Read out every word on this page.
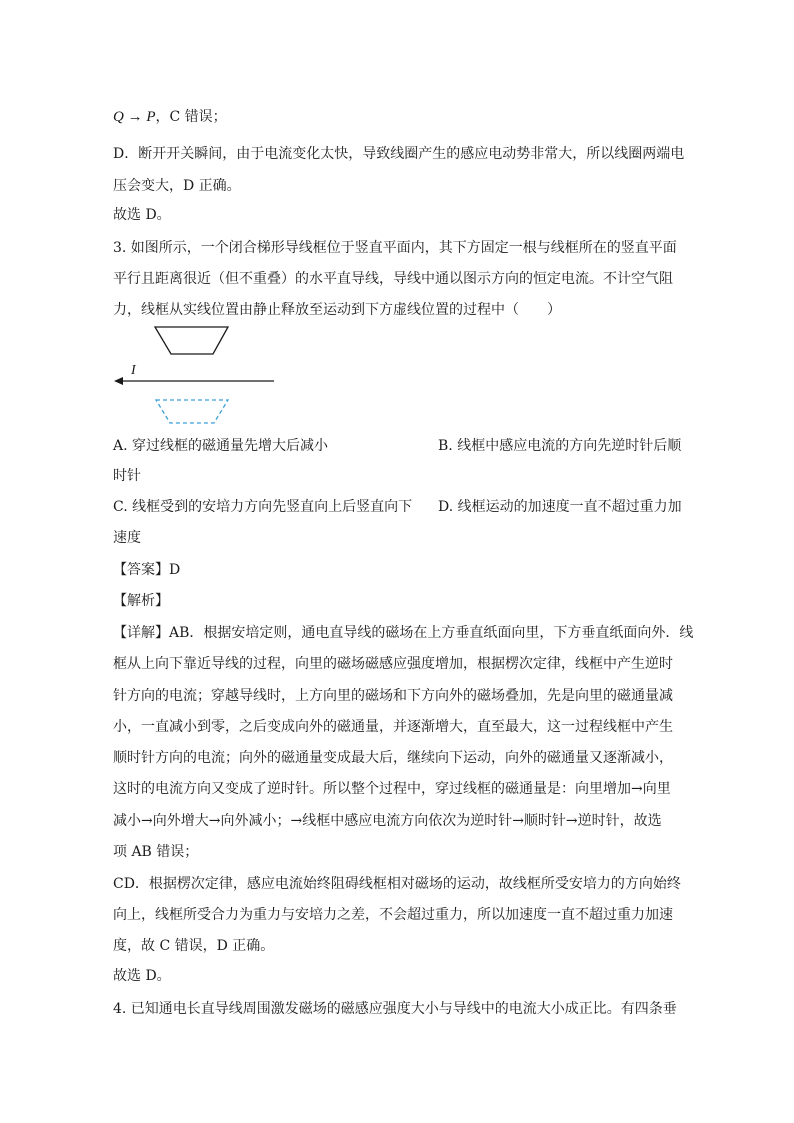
Q → P，C 错误；
D．断开开关瞬间，由于电流变化太快，导致线圈产生的感应电动势非常大，所以线圈两端电
压会变大，D 正确。
故选 D。
3. 如图所示，一个闭合梯形导线框位于竖直平面内，其下方固定一根与线框所在的竖直平面
平行且距离很近（但不重叠）的水平直导线，导线中通以图示方向的恒定电流。不计空气阻
力，线框从实线位置由静止释放至运动到下方虚线位置的过程中（　　）
I
A. 穿过线框的磁通量先增大后减小	B. 线框中感应电流的方向先逆时针后顺
时针
C. 线框受到的安培力方向先竖直向上后竖直向下 D. 线框运动的加速度一直不超过重力加
速度
【答案】D
【解析】
【详解】AB．根据安培定则，通电直导线的磁场在上方垂直纸面向里，下方垂直纸面向外．线
框从上向下靠近导线的过程，向里的磁场磁感应强度增加，根据楞次定律，线框中产生逆时
针方向的电流；穿越导线时，上方向里的磁场和下方向外的磁场叠加，先是向里的磁通量减
小，一直减小到零，之后变成向外的磁通量，并逐渐增大，直至最大，这一过程线框中产生
顺时针方向的电流；向外的磁通量变成最大后，继续向下运动，向外的磁通量又逐渐减小，
这时的电流方向又变成了逆时针。所以整个过程中，穿过线框的磁通量是：向里增加→向里
减小→向外增大→向外减小；→线框中感应电流方向依次为逆时针→顺时针→逆时针，故选
项 AB 错误；
CD．根据楞次定律，感应电流始终阻碍线框相对磁场的运动，故线框所受安培力的方向始终
向上，线框所受合力为重力与安培力之差，不会超过重力，所以加速度一直不超过重力加速
度，故 C 错误，D 正确。
故选 D。
4. 已知通电长直导线周围激发磁场的磁感应强度大小与导线中的电流大小成正比。有四条垂
